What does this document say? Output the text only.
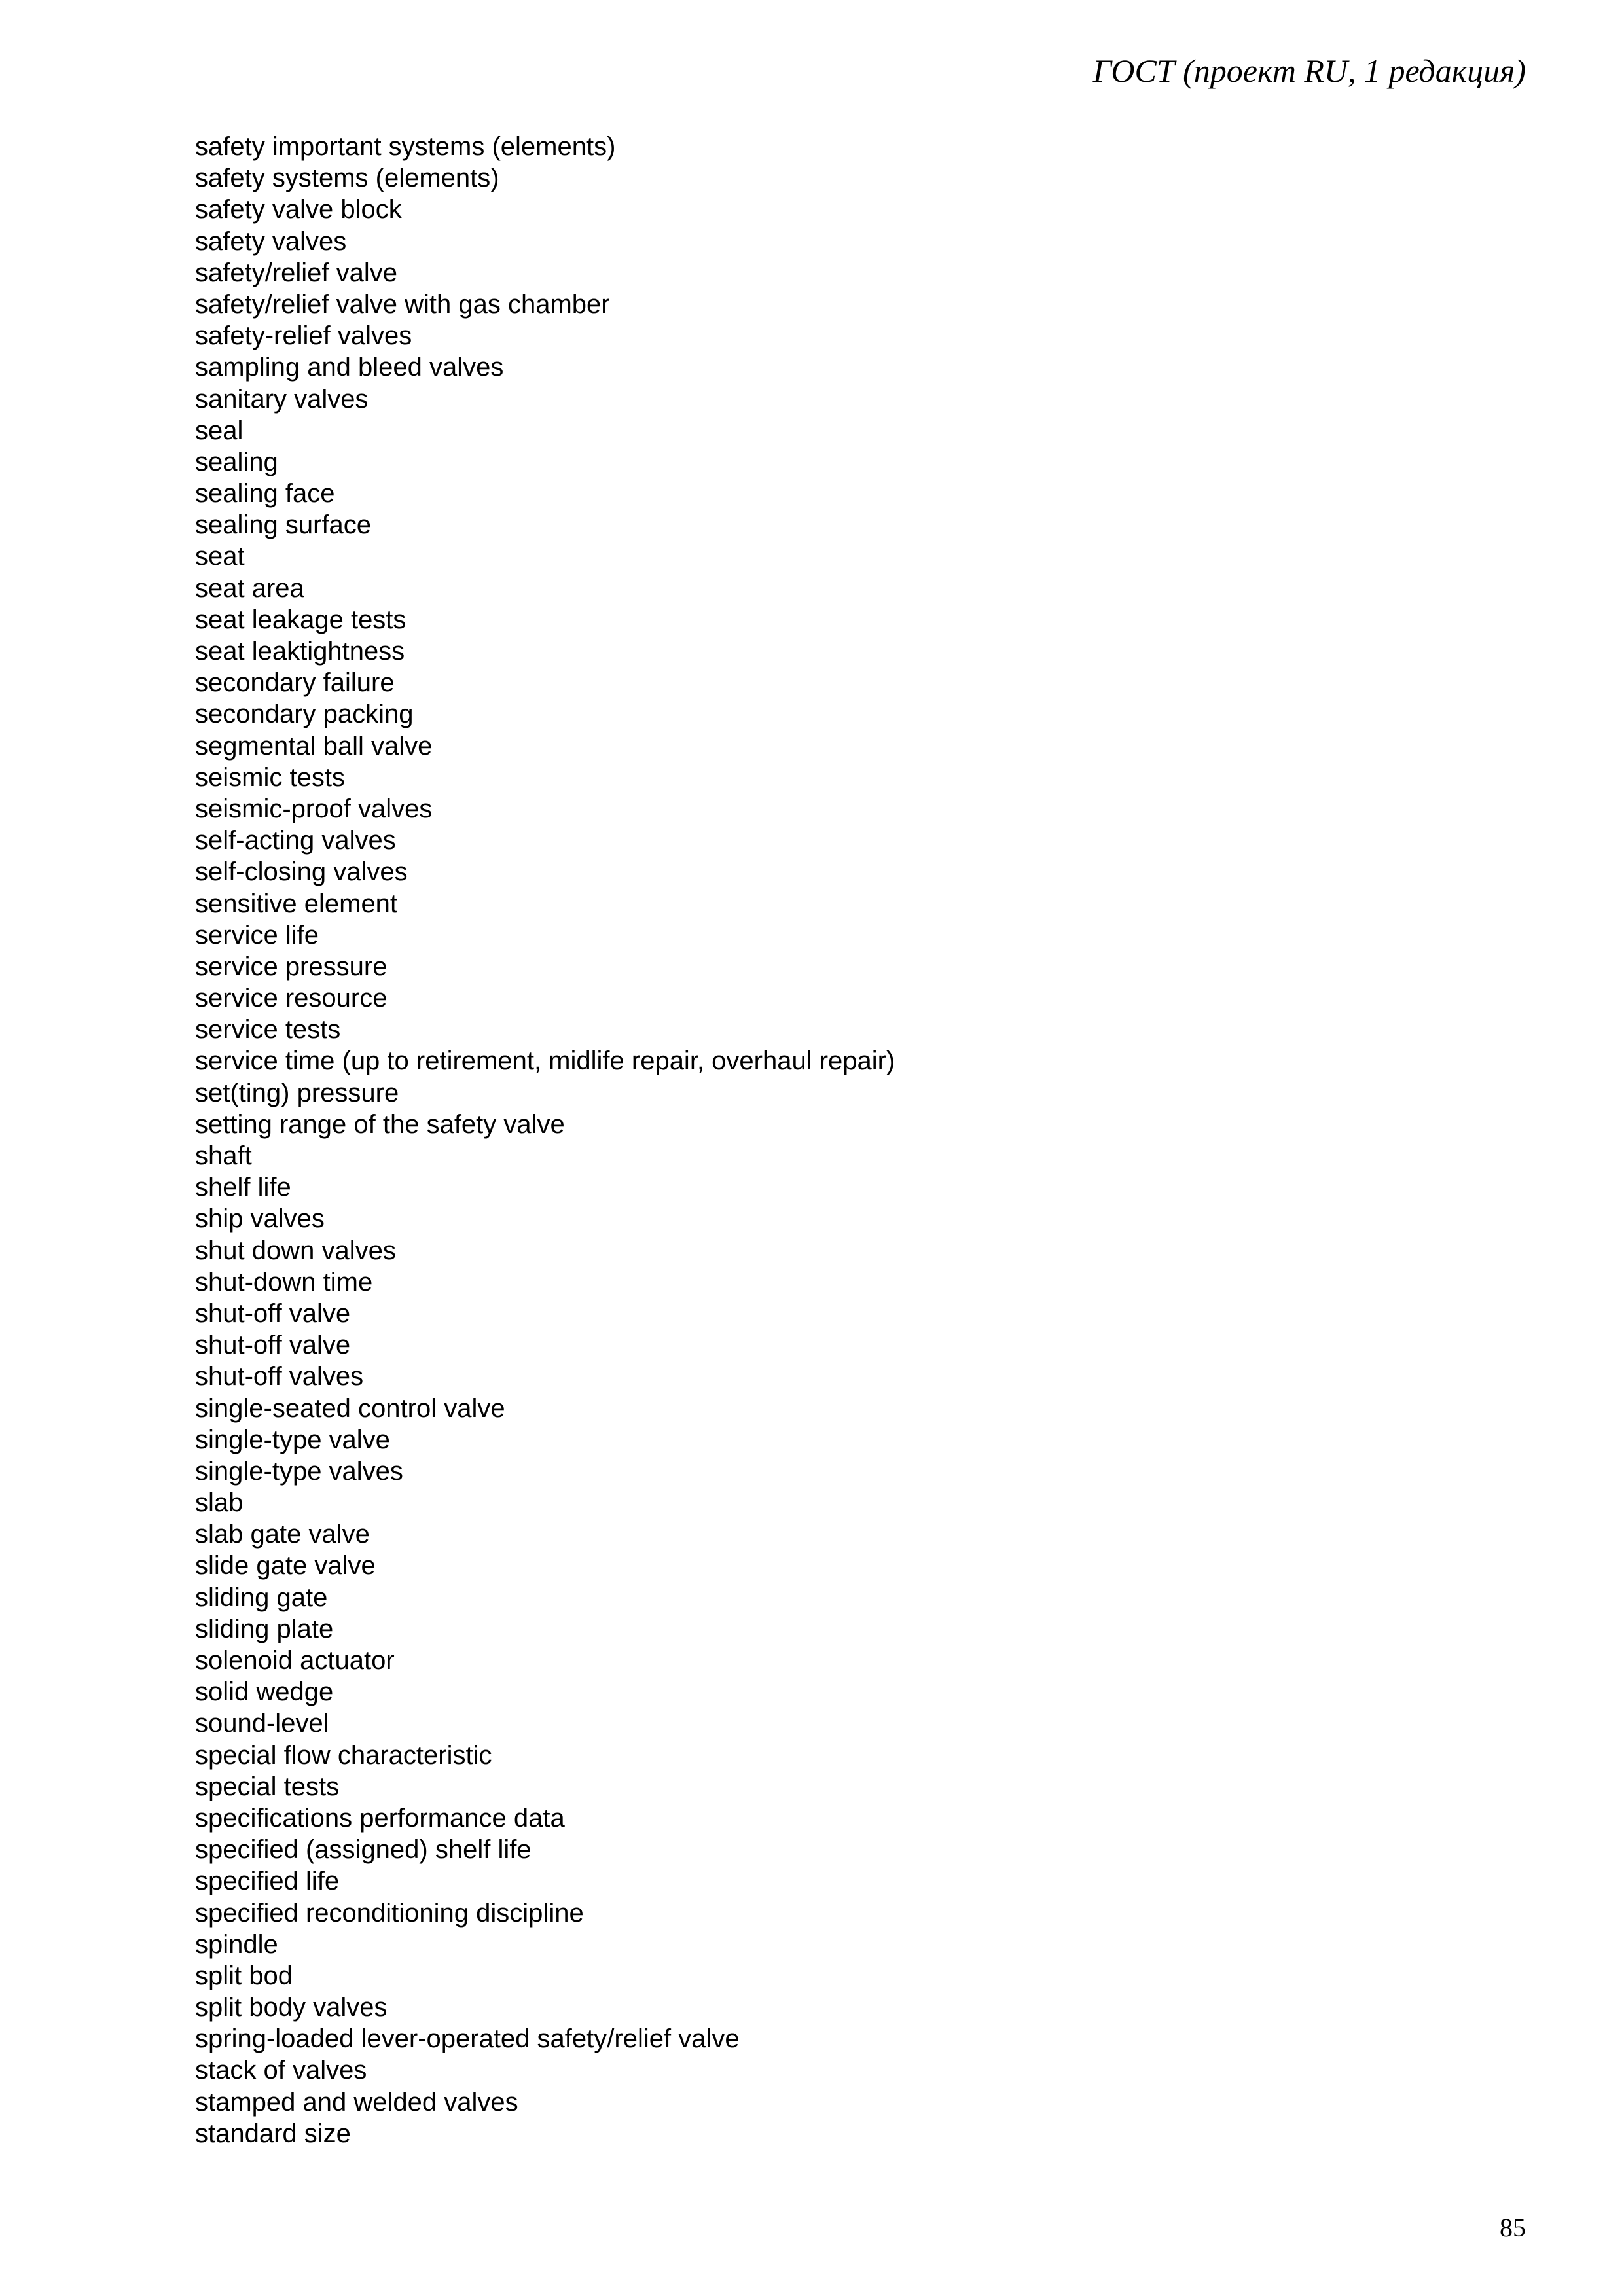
ГОСТ (проект RU, 1 редакция)
safety important systems (elements)
safety systems (elements)
safety valve block
safety valves
safety/relief valve
safety/relief valve with gas chamber
safety-relief valves
sampling and bleed valves
sanitary valves
seal
sealing
sealing face
sealing surface
seat
seat area
seat leakage tests
seat leaktightness
secondary failure
secondary packing
segmental ball valve
seismic tests
seismic-proof valves
self-acting valves
self-closing valves
sensitive element
service life
service pressure
service resource
service tests
service time (up to retirement, midlife repair, overhaul repair)
set(ting) pressure
setting range of the safety valve
shaft
shelf life
ship valves
shut down valves
shut-down time
shut-off valve
shut-off valve
shut-off valves
single-seated control valve
single-type valve
single-type valves
slab
slab gate valve
slide gate valve
sliding gate
sliding plate
solenoid actuator
solid wedge
sound-level
special flow characteristic
special tests
specifications performance data
specified (assigned) shelf life
specified life
specified reconditioning discipline
spindle
split bod
split body valves
spring-loaded lever-operated safety/relief valve
stack of valves
stamped and welded valves
standard size
85
